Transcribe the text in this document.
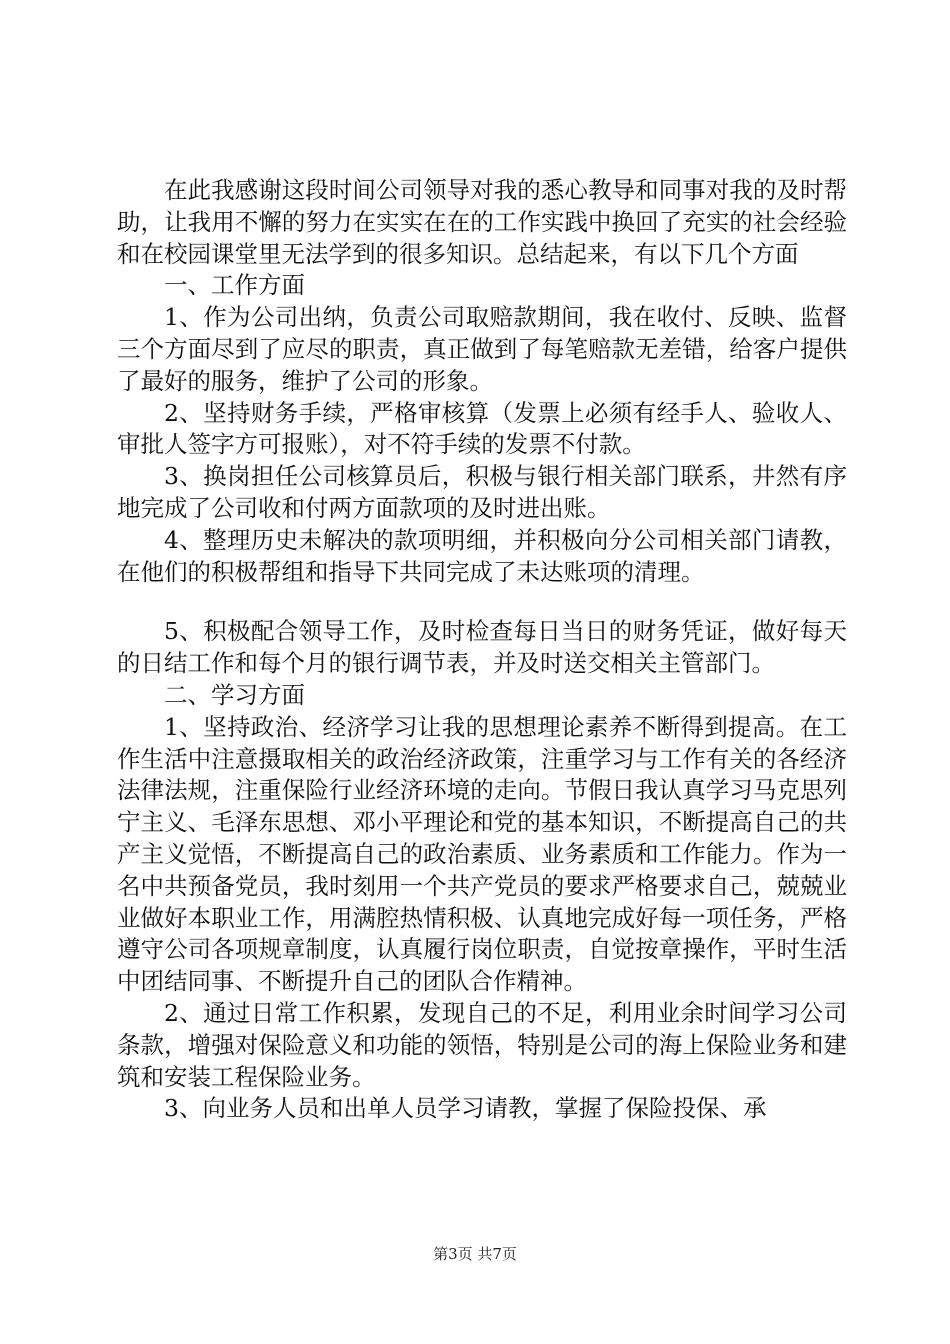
在此我感谢这段时间公司领导对我的悉心教导和同事对我的及时帮助，让我用不懈的努力在实实在在的工作实践中换回了充实的社会经验和在校园课堂里无法学到的很多知识。总结起来，有以下几个方面

一、工作方面

1、作为公司出纳，负责公司取赔款期间，我在收付、反映、监督三个方面尽到了应尽的职责，真正做到了每笔赔款无差错，给客户提供了最好的服务，维护了公司的形象。

2、坚持财务手续，严格审核算（发票上必须有经手人、验收人、审批人签字方可报账），对不符手续的发票不付款。

3、换岗担任公司核算员后，积极与银行相关部门联系，井然有序地完成了公司收和付两方面款项的及时进出账。

4、整理历史未解决的款项明细，并积极向分公司相关部门请教，在他们的积极帮组和指导下共同完成了未达账项的清理。

5、积极配合领导工作，及时检查每日当日的财务凭证，做好每天的日结工作和每个月的银行调节表，并及时送交相关主管部门。

二、学习方面

1、坚持政治、经济学习让我的思想理论素养不断得到提高。在工作生活中注意摄取相关的政治经济政策，注重学习与工作有关的各经济法律法规，注重保险行业经济环境的走向。节假日我认真学习马克思列宁主义、毛泽东思想、邓小平理论和党的基本知识，不断提高自己的共产主义觉悟，不断提高自己的政治素质、业务素质和工作能力。作为一名中共预备党员，我时刻用一个共产党员的要求严格要求自己，兢兢业业做好本职业工作，用满腔热情积极、认真地完成好每一项任务，严格遵守公司各项规章制度，认真履行岗位职责，自觉按章操作，平时生活中团结同事、不断提升自己的团队合作精神。

2、通过日常工作积累，发现自己的不足，利用业余时间学习公司条款，增强对保险意义和功能的领悟，特别是公司的海上保险业务和建筑和安装工程保险业务。

3、向业务人员和出单人员学习请教，掌握了保险投保、承

第3页 共7页
